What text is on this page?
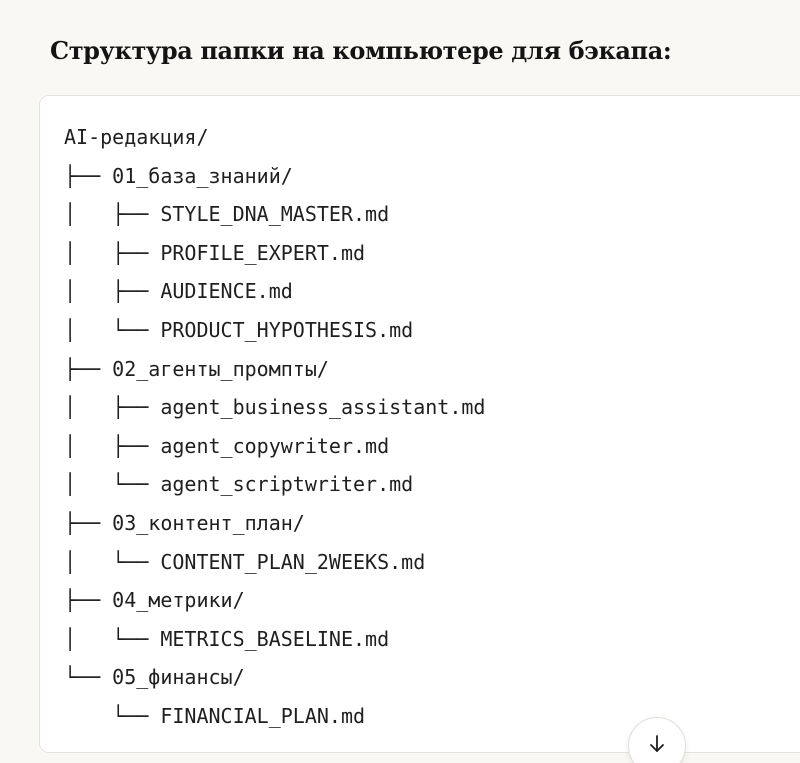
Структура папки на компьютере для бэкапа:
AI-редакция/
├── 01_база_знаний/
│   ├── STYLE_DNA_MASTER.md
│   ├── PROFILE_EXPERT.md
│   ├── AUDIENCE.md
│   └── PRODUCT_HYPOTHESIS.md
├── 02_агенты_промпты/
│   ├── agent_business_assistant.md
│   ├── agent_copywriter.md
│   └── agent_scriptwriter.md
├── 03_контент_план/
│   └── CONTENT_PLAN_2WEEKS.md
├── 04_метрики/
│   └── METRICS_BASELINE.md
└── 05_финансы/
└── FINANCIAL_PLAN.md
